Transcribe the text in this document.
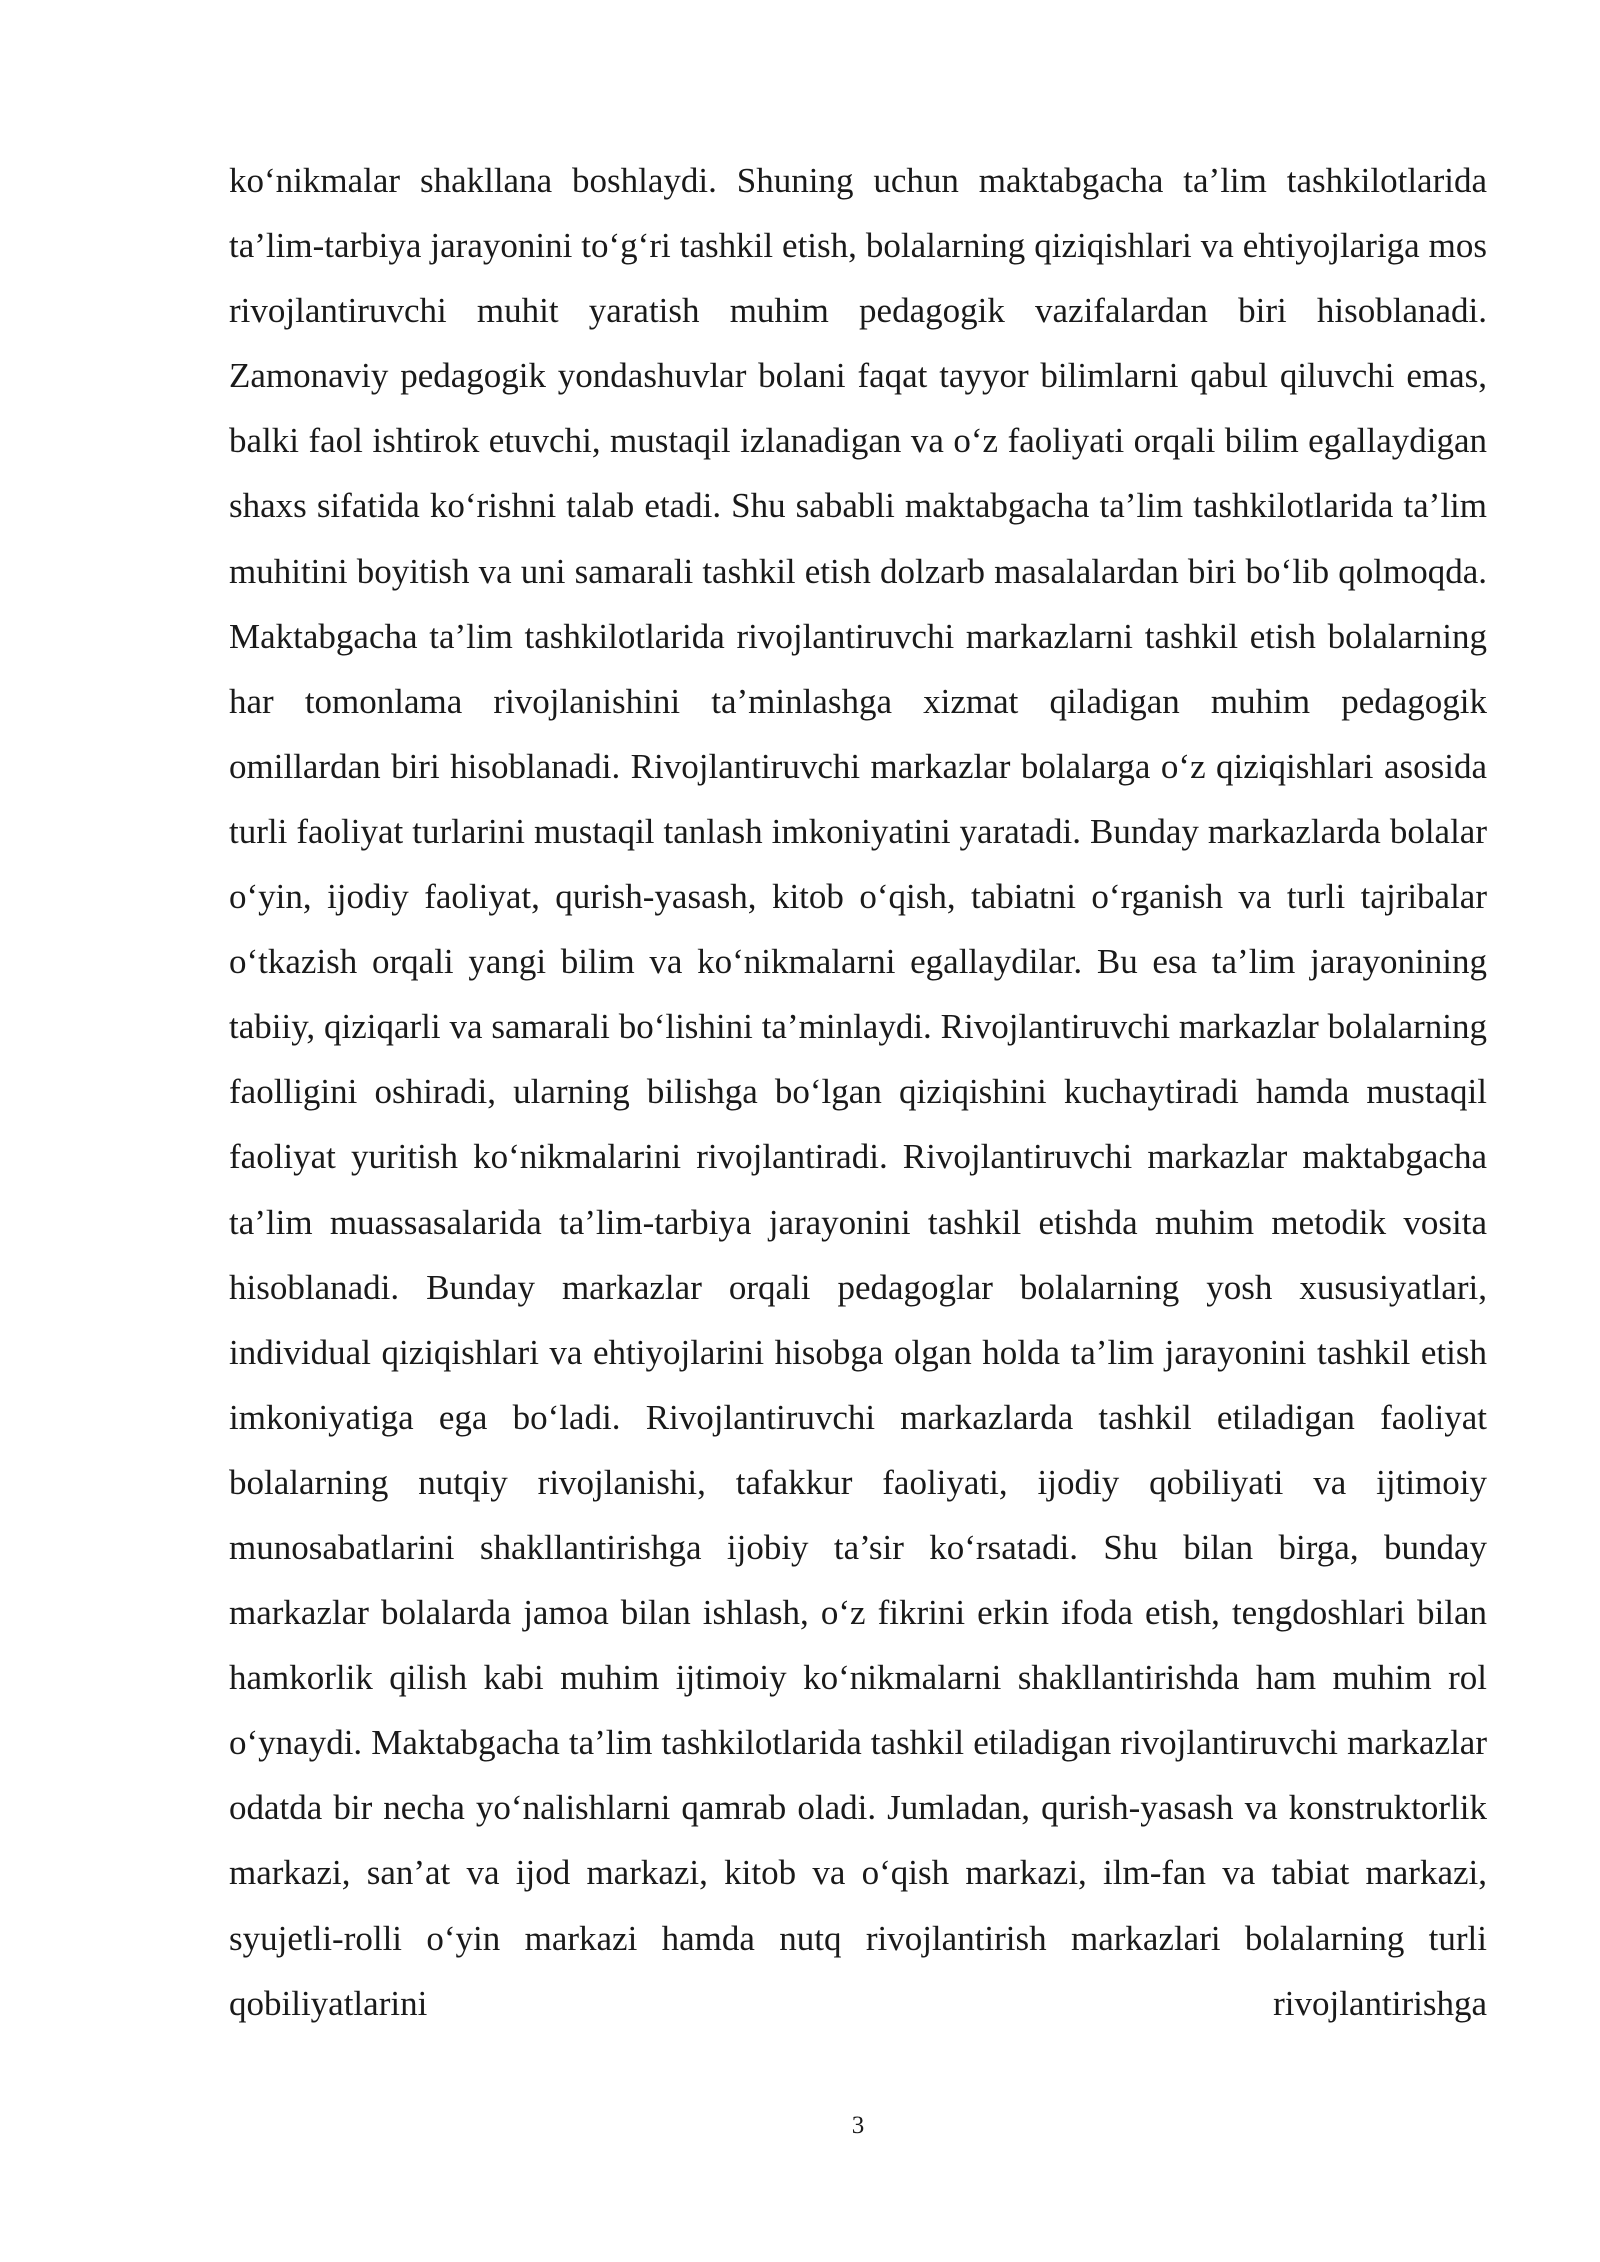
ko‘nikmalar shakllana boshlaydi. Shuning uchun maktabgacha ta’lim tashkilotlarida ta’lim-tarbiya jarayonini to‘g‘ri tashkil etish, bolalarning qiziqishlari va ehtiyojlariga mos rivojlantiruvchi muhit yaratish muhim pedagogik vazifalardan biri hisoblanadi. Zamonaviy pedagogik yondashuvlar bolani faqat tayyor bilimlarni qabul qiluvchi emas, balki faol ishtirok etuvchi, mustaqil izlanadigan va o‘z faoliyati orqali bilim egallaydigan shaxs sifatida ko‘rishni talab etadi. Shu sababli maktabgacha ta’lim tashkilotlarida ta’lim muhitini boyitish va uni samarali tashkil etish dolzarb masalalardan biri bo‘lib qolmoqda. Maktabgacha ta’lim tashkilotlarida rivojlantiruvchi markazlarni tashkil etish bolalarning har tomonlama rivojlanishini ta’minlashga xizmat qiladigan muhim pedagogik omillardan biri hisoblanadi. Rivojlantiruvchi markazlar bolalarga o‘z qiziqishlari asosida turli faoliyat turlarini mustaqil tanlash imkoniyatini yaratadi. Bunday markazlarda bolalar o‘yin, ijodiy faoliyat, qurish-yasash, kitob o‘qish, tabiatni o‘rganish va turli tajribalar o‘tkazish orqali yangi bilim va ko‘nikmalarni egallaydilar. Bu esa ta’lim jarayonining tabiiy, qiziqarli va samarali bo‘lishini ta’minlaydi. Rivojlantiruvchi markazlar bolalarning faolligini oshiradi, ularning bilishga bo‘lgan qiziqishini kuchaytiradi hamda mustaqil faoliyat yuritish ko‘nikmalarini rivojlantiradi. Rivojlantiruvchi markazlar maktabgacha ta’lim muassasalarida ta’lim-tarbiya jarayonini tashkil etishda muhim metodik vosita hisoblanadi. Bunday markazlar orqali pedagoglar bolalarning yosh xususiyatlari, individual qiziqishlari va ehtiyojlarini hisobga olgan holda ta’lim jarayonini tashkil etish imkoniyatiga ega bo‘ladi. Rivojlantiruvchi markazlarda tashkil etiladigan faoliyat bolalarning nutqiy rivojlanishi, tafakkur faoliyati, ijodiy qobiliyati va ijtimoiy munosabatlarini shakllantirishga ijobiy ta’sir ko‘rsatadi. Shu bilan birga, bunday markazlar bolalarda jamoa bilan ishlash, o‘z fikrini erkin ifoda etish, tengdoshlari bilan hamkorlik qilish kabi muhim ijtimoiy ko‘nikmalarni shakllantirishda ham muhim rol o‘ynaydi. Maktabgacha ta’lim tashkilotlarida tashkil etiladigan rivojlantiruvchi markazlar odatda bir necha yo‘nalishlarni qamrab oladi. Jumladan, qurish-yasash va konstruktorlik markazi, san’at va ijod markazi, kitob va o‘qish markazi, ilm-fan va tabiat markazi, syujetli-rolli o‘yin markazi hamda nutq rivojlantirish markazlari bolalarning turli qobiliyatlarini rivojlantirishga

3
